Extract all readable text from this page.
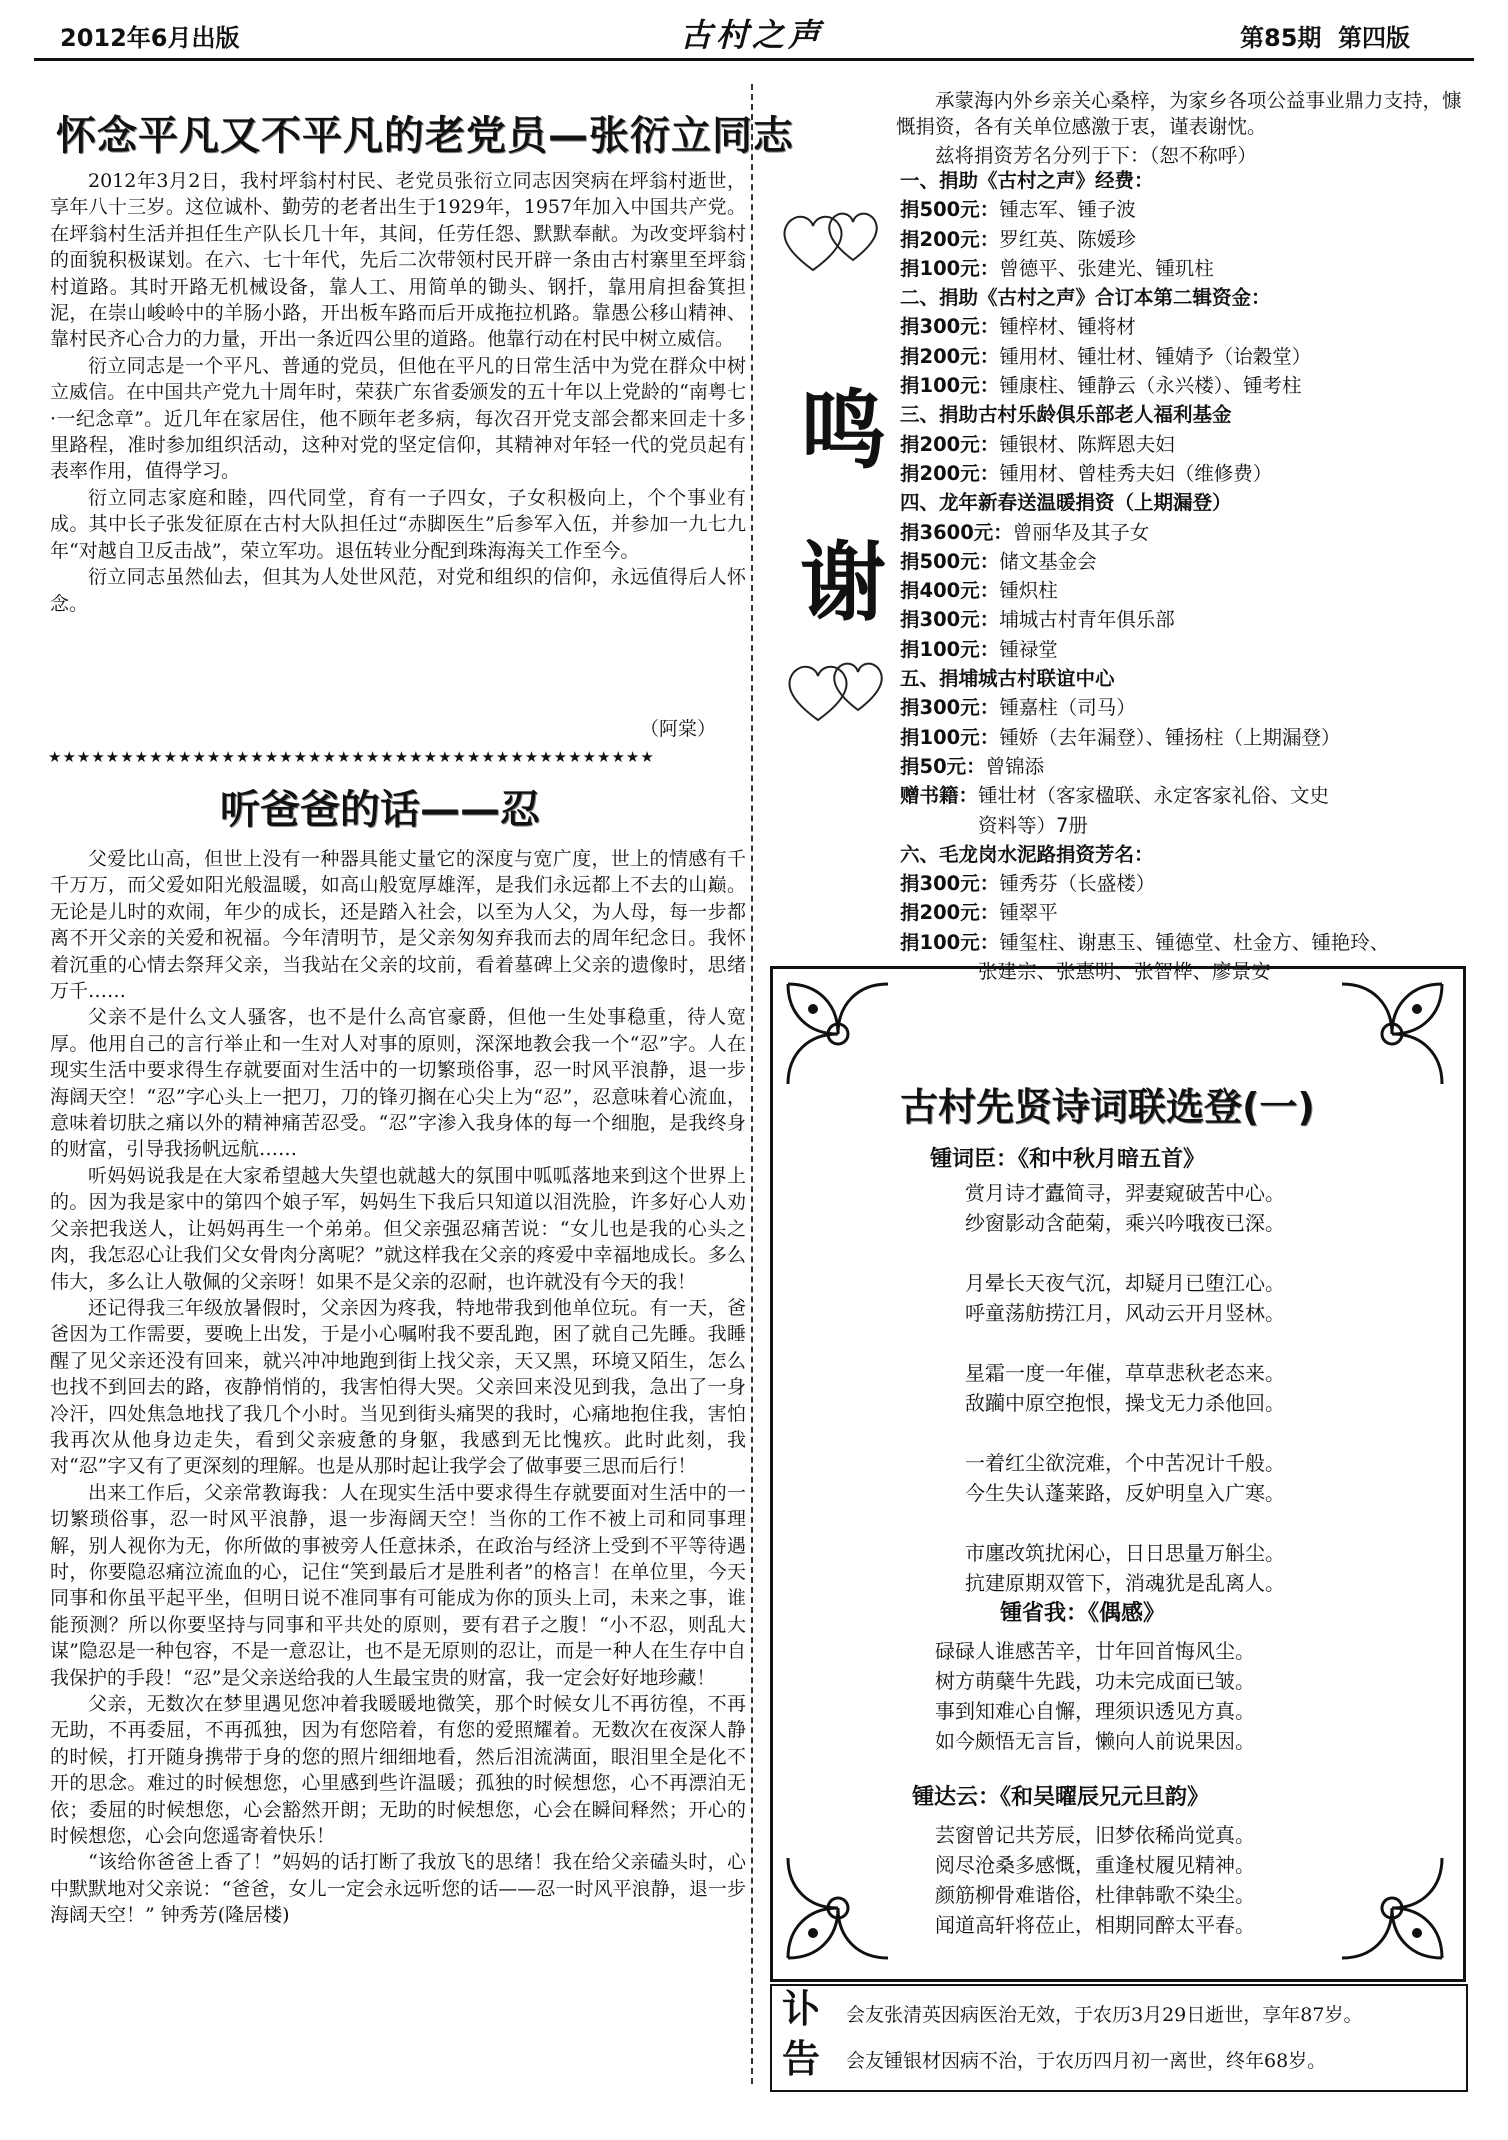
2012年6月出版	古村之声	第85期 第四版
怀念平凡又不平凡的老党员—张衍立同志

2012年3月2日，我村坪翁村村民、老党员张衍立同志因突病在坪翁村逝世，享年八十三岁。这位诚朴、勤劳的老者出生于1929年，1957年加入中国共产党。在坪翁村生活并担任生产队长几十年，其间，任劳任怨、默默奉献。为改变坪翁村的面貌积极谋划。在六、七十年代，先后二次带领村民开辟一条由古村寨里至坪翁村道路。其时开路无机械设备，靠人工、用简单的锄头、钢扦，靠用肩担畚箕担泥，在崇山峻岭中的羊肠小路，开出板车路而后开成拖拉机路。靠愚公移山精神、靠村民齐心合力的力量，开出一条近四公里的道路。他靠行动在村民中树立威信。

衍立同志是一个平凡、普通的党员，但他在平凡的日常生活中为党在群众中树立威信。在中国共产党九十周年时，荣获广东省委颁发的五十年以上党龄的“南粤七·一纪念章”。近几年在家居住，他不顾年老多病，每次召开党支部会都来回走十多里路程，准时参加组织活动，这种对党的坚定信仰，其精神对年轻一代的党员起有表率作用，值得学习。

衍立同志家庭和睦，四代同堂，育有一子四女，子女积极向上，个个事业有成。其中长子张发征原在古村大队担任过“赤脚医生”后参军入伍，并参加一九七九年“对越自卫反击战”，荣立军功。退伍转业分配到珠海海关工作至今。

衍立同志虽然仙去，但其为人处世风范，对党和组织的信仰，永远值得后人怀念。

（阿棠）
★★★★★★★★★★★★★★★★★★★★★★★★★★★★★★★★★★★★★★★★★★
听爸爸的话——忍

父爱比山高，但世上没有一种器具能丈量它的深度与宽广度，世上的情感有千千万万，而父爱如阳光般温暖，如高山般宽厚雄浑，是我们永远都上不去的山巅。无论是儿时的欢闹，年少的成长，还是踏入社会，以至为人父，为人母，每一步都离不开父亲的关爱和祝福。今年清明节，是父亲匆匆弃我而去的周年纪念日。我怀着沉重的心情去祭拜父亲，当我站在父亲的坟前，看着墓碑上父亲的遗像时，思绪万千……

父亲不是什么文人骚客，也不是什么高官豪爵，但他一生处事稳重，待人宽厚。他用自己的言行举止和一生对人对事的原则，深深地教会我一个“忍”字。人在现实生活中要求得生存就要面对生活中的一切繁琐俗事，忍一时风平浪静，退一步海阔天空！“忍”字心头上一把刀，刀的锋刃搁在心尖上为“忍”，忍意味着心流血，意味着切肤之痛以外的精神痛苦忍受。“忍”字渗入我身体的每一个细胞，是我终身的财富，引导我扬帆远航……

听妈妈说我是在大家希望越大失望也就越大的氛围中呱呱落地来到这个世界上的。因为我是家中的第四个娘子军，妈妈生下我后只知道以泪洗脸，许多好心人劝父亲把我送人，让妈妈再生一个弟弟。但父亲强忍痛苦说：“女儿也是我的心头之肉，我怎忍心让我们父女骨肉分离呢？”就这样我在父亲的疼爱中幸福地成长。多么伟大，多么让人敬佩的父亲呀！如果不是父亲的忍耐，也许就没有今天的我！

还记得我三年级放暑假时，父亲因为疼我，特地带我到他单位玩。有一天，爸爸因为工作需要，要晚上出发，于是小心嘱咐我不要乱跑，困了就自己先睡。我睡醒了见父亲还没有回来，就兴冲冲地跑到街上找父亲，天又黑，环境又陌生，怎么也找不到回去的路，夜静悄悄的，我害怕得大哭。父亲回来没见到我，急出了一身冷汗，四处焦急地找了我几个小时。当见到街头痛哭的我时，心痛地抱住我，害怕我再次从他身边走失，看到父亲疲惫的身躯，我感到无比愧疚。此时此刻，我对“忍”字又有了更深刻的理解。也是从那时起让我学会了做事要三思而后行！

出来工作后，父亲常教诲我：人在现实生活中要求得生存就要面对生活中的一切繁琐俗事，忍一时风平浪静，退一步海阔天空！当你的工作不被上司和同事理解，别人视你为无，你所做的事被旁人任意抹杀，在政治与经济上受到不平等待遇时，你要隐忍痛泣流血的心，记住“笑到最后才是胜利者”的格言！在单位里，今天同事和你虽平起平坐，但明日说不准同事有可能成为你的顶头上司，未来之事，谁能预测？所以你要坚持与同事和平共处的原则，要有君子之腹！“小不忍，则乱大谋”隐忍是一种包容，不是一意忍让，也不是无原则的忍让，而是一种人在生存中自我保护的手段！“忍”是父亲送给我的人生最宝贵的财富，我一定会好好地珍藏！

父亲，无数次在梦里遇见您冲着我暖暖地微笑，那个时候女儿不再彷徨，不再无助，不再委屈，不再孤独，因为有您陪着，有您的爱照耀着。无数次在夜深人静的时候，打开随身携带于身的您的照片细细地看，然后泪流满面，眼泪里全是化不开的思念。难过的时候想您，心里感到些许温暖；孤独的时候想您，心不再漂泊无依；委屈的时候想您，心会豁然开朗；无助的时候想您，心会在瞬间释然；开心的时候想您，心会向您遥寄着快乐！

“该给你爸爸上香了！”妈妈的话打断了我放飞的思绪！我在给父亲磕头时，心中默默地对父亲说：“爸爸，女儿一定会永远听您的话——忍一时风平浪静，退一步海阔天空！” 钟秀芳(隆居楼)

鸣
谢
承蒙海内外乡亲关心桑梓，为家乡各项公益事业鼎力支持，慷慨捐资，各有关单位感激于衷，谨表谢忱。
兹将捐资芳名分列于下：（恕不称呼）

一、捐助《古村之声》经费：

捐500元：锺志军、锺子波

捐200元：罗红英、陈媛珍

捐100元：曾德平、张建光、锺玑柱

二、捐助《古村之声》合订本第二辑资金：

捐300元：锺梓材、锺将材

捐200元：锺用材、锺壮材、锺婧予（诒穀堂）

捐100元：锺康柱、锺静云（永兴楼）、锺考柱

三、捐助古村乐龄俱乐部老人福利基金

捐200元：锺银材、陈辉恩夫妇

捐200元：锺用材、曾桂秀夫妇（维修费）

四、龙年新春送温暖捐资（上期漏登）

捐3600元：曾丽华及其子女

捐500元：储文基金会

捐400元：锺炽柱

捐300元：埔城古村青年俱乐部

捐100元：锺禄堂

五、捐埔城古村联谊中心

捐300元：锺嘉柱（司马）

捐100元：锺娇（去年漏登）、锺扬柱（上期漏登）

捐50元：曾锦添

赠书籍：锺壮材（客家楹联、永定客家礼俗、文史

　　　　资料等）7册

六、毛龙岗水泥路捐资芳名：

捐300元：锺秀芬（长盛楼）

捐200元：锺翠平

捐100元：锺玺柱、谢惠玉、锺德堂、杜金方、锺艳玲、

　　　　张建宗、张惠明、张智桦、廖景安

古村先贤诗词联选登(一)
锺词臣：《和中秋月暗五首》

赏月诗才蠹简寻，羿妻窥破苦中心。

纱窗影动含葩菊，乘兴吟哦夜已深。

月晕长天夜气沉，却疑月已堕江心。

呼童荡舫捞江月，风动云开月竖林。

星霜一度一年催，草草悲秋老态来。

敌躏中原空抱恨，操戈无力杀他回。

一着红尘欲浣难，个中苦况计千般。

今生失认蓬莱路，反妒明皇入广寒。

市廛改筑扰闲心，日日思量万斛尘。

抗建原期双管下，消魂犹是乱离人。

锺省我：《偶感》

碌碌人谁感苦辛，廿年回首悔风尘。

树方萌蘖牛先践，功未完成面已皱。

事到知难心自懈，理须识透见方真。

如今颇悟无言旨，懒向人前说果因。

锺达云：《和吴曜辰兄元旦韵》

芸窗曾记共芳辰，旧梦依稀尚觉真。

阅尽沧桑多感慨，重逢杖履见精神。

颜筋柳骨难谐俗，杜律韩歌不染尘。

闻道高轩将莅止，相期同醉太平春。

讣
告
会友张清英因病医治无效，于农历3月29日逝世，享年87岁。
会友锺银材因病不治，于农历四月初一离世，终年68岁。
